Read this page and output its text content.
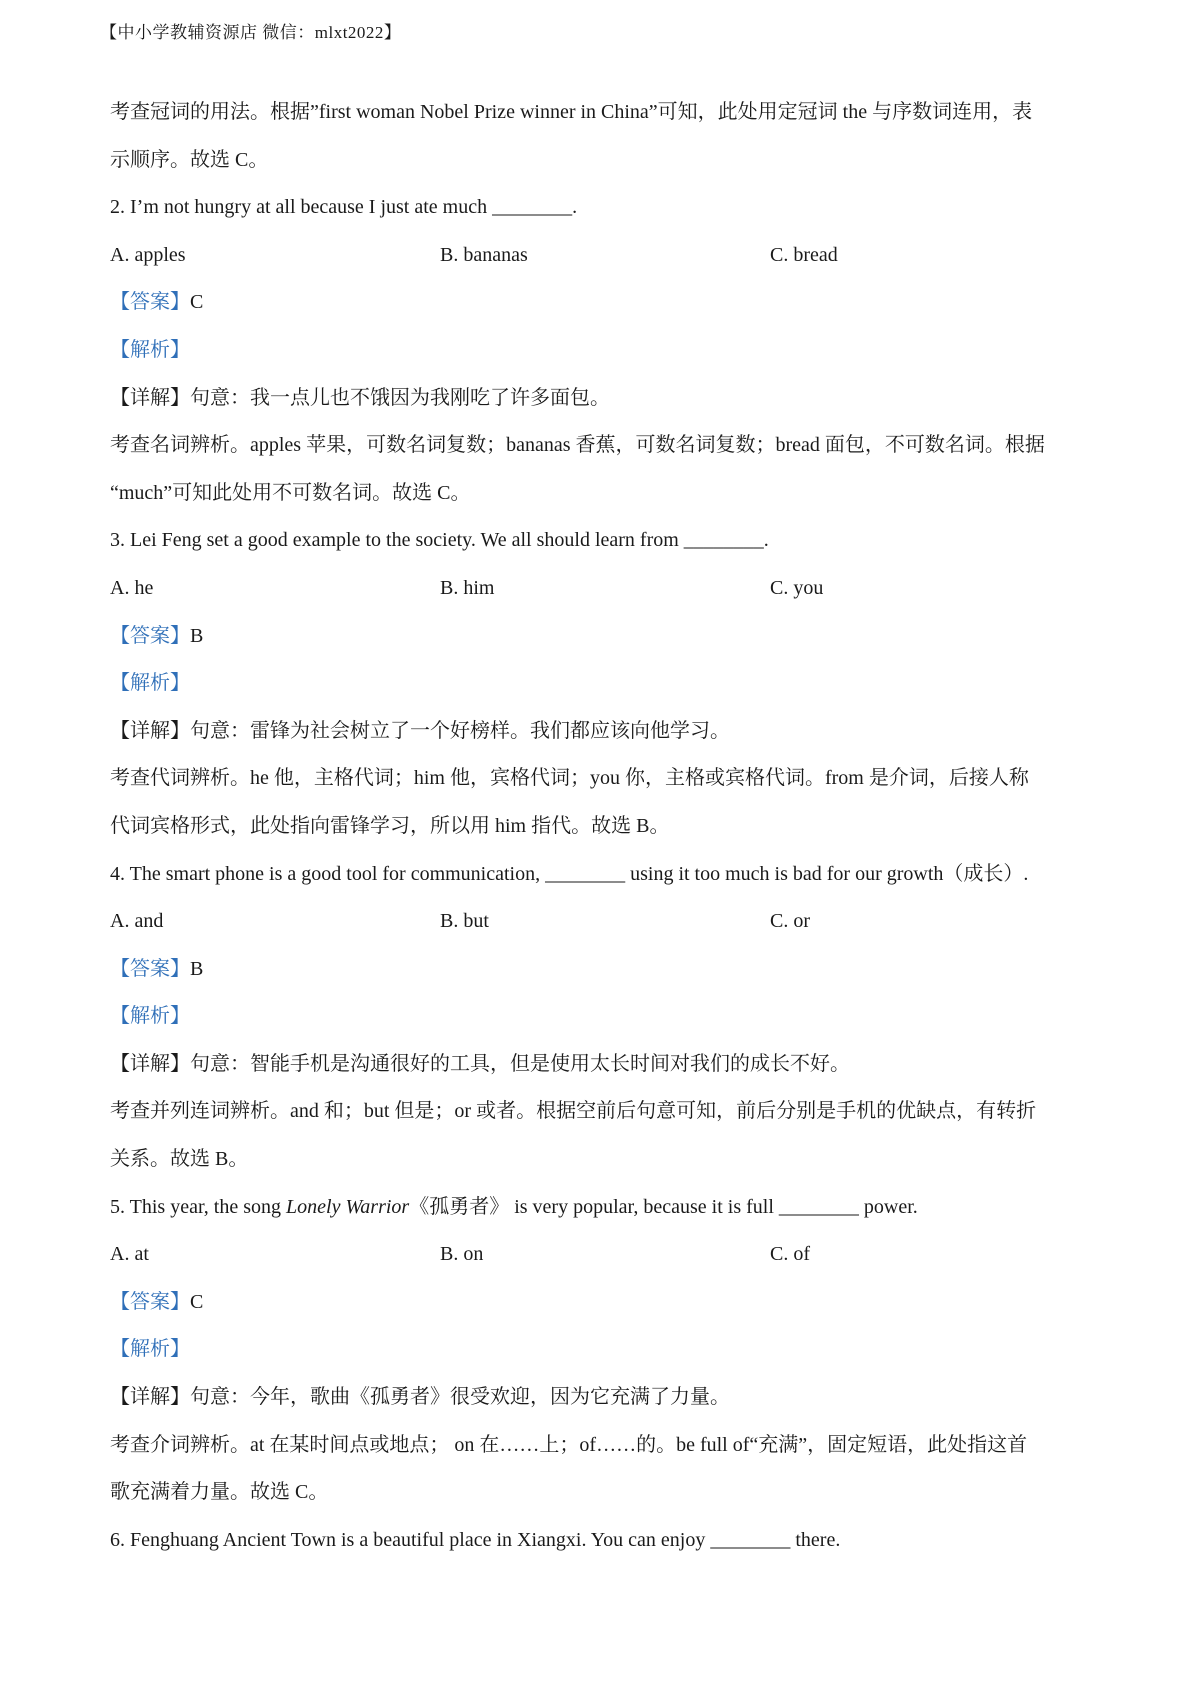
【中小学教辅资源店 微信：mlxt2022】
考查冠词的用法。根据”first woman Nobel Prize winner in China”可知，此处用定冠词 the 与序数词连用，表
示顺序。故选 C。
2. I’m not hungry at all because I just ate much ________.
A. apples	B. bananas	C. bread
【答案】C
【解析】
【详解】句意：我一点儿也不饿因为我刚吃了许多面包。
考查名词辨析。apples 苹果，可数名词复数；bananas 香蕉，可数名词复数；bread 面包，不可数名词。根据
“much”可知此处用不可数名词。故选 C。
3. Lei Feng set a good example to the society. We all should learn from ________.
A. he	B. him	C. you
【答案】B
【解析】
【详解】句意：雷锋为社会树立了一个好榜样。我们都应该向他学习。
考查代词辨析。he 他，主格代词；him 他，宾格代词；you 你，主格或宾格代词。from 是介词，后接人称
代词宾格形式，此处指向雷锋学习，所以用 him 指代。故选 B。
4. The smart phone is a good tool for communication, ________ using it too much is bad for our growth（成长）.
A. and	B. but	C. or
【答案】B
【解析】
【详解】句意：智能手机是沟通很好的工具，但是使用太长时间对我们的成长不好。
考查并列连词辨析。and 和；but 但是；or 或者。根据空前后句意可知，前后分别是手机的优缺点，有转折
关系。故选 B。
5. This year, the song Lonely Warrior《孤勇者》 is very popular, because it is full ________ power.
A. at	B. on	C. of
【答案】C
【解析】
【详解】句意：今年，歌曲《孤勇者》很受欢迎，因为它充满了力量。
考查介词辨析。at 在某时间点或地点； on 在……上；of……的。be full of“充满”，固定短语，此处指这首
歌充满着力量。故选 C。
6. Fenghuang Ancient Town is a beautiful place in Xiangxi. You can enjoy ________ there.
